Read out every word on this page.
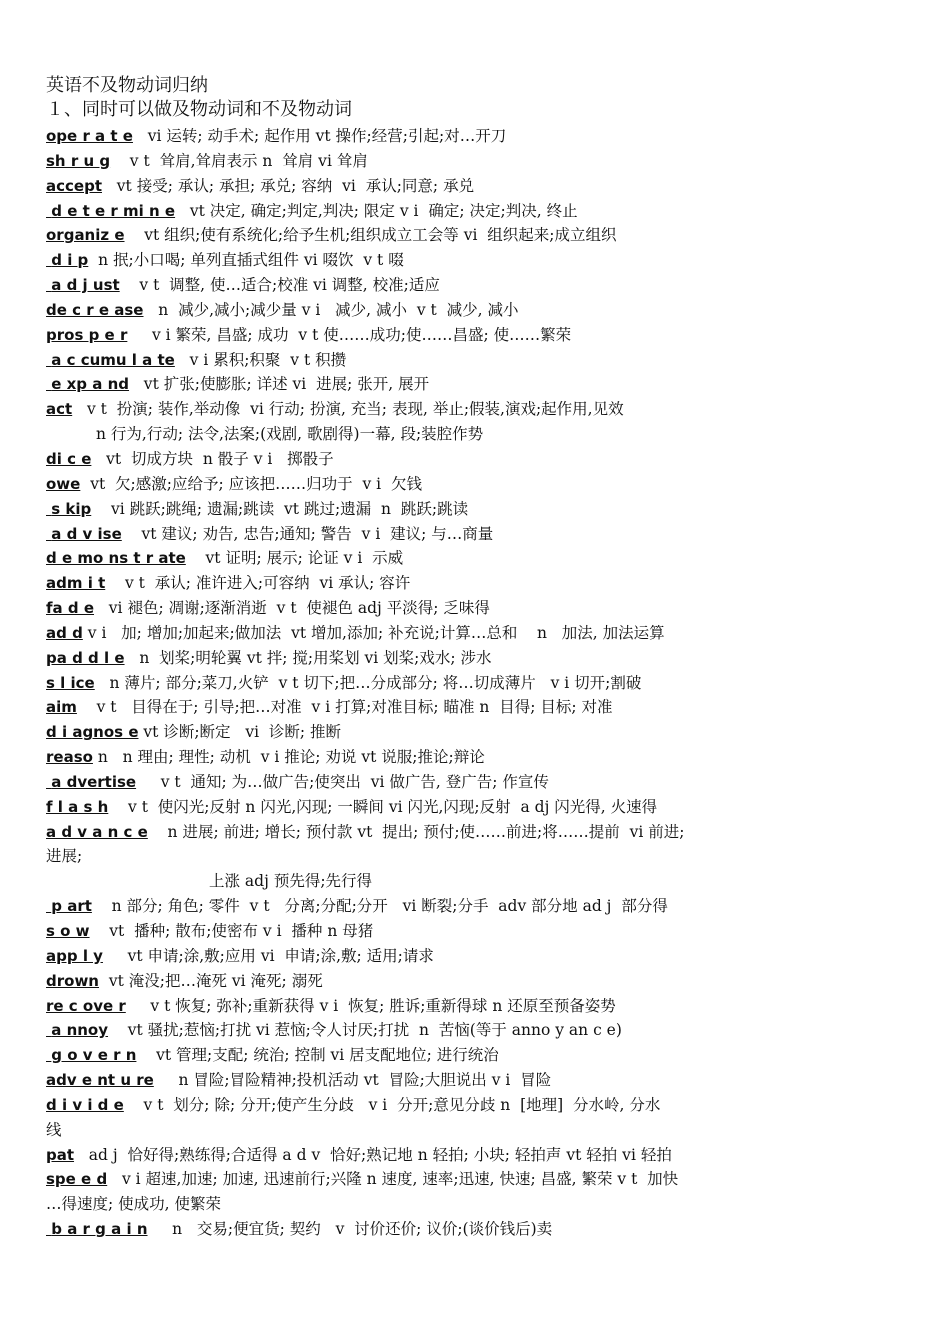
英语不及物动词归纳
１、同时可以做及物动词和不及物动词

ope r a t e   vi 运转; 动手术; 起作用 vt 操作;经营;引起;对…开刀

sh r u g    v t  耸肩,耸肩表示 n  耸肩 vi 耸肩

accept   vt 接受; 承认; 承担; 承兑; 容纳  vi  承认;同意; 承兑

d e t e r mi n e   vt 决定, 确定;判定,判决; 限定 v i  确定; 决定;判决, 终止

organiz e    vt 组织;使有系统化;给予生机;组织成立工会等 vi  组织起来;成立组织

d i p  n 抿;小口喝; 单列直插式组件 vi 啜饮  v t 啜

a d j ust    v t  调整, 使…适合;校准 vi 调整, 校准;适应

de c r e ase   n  减少,减小;减少量 v i   减少, 减小  v t  减少, 减小

pros p e r     v i 繁荣, 昌盛; 成功  v t 使……成功;使……昌盛; 使……繁荣

a c cumu l a te   v i 累积;积聚  v t 积攒

e xp a nd   vt 扩张;使膨胀; 详述 vi  进展; 张开, 展开

act   v t  扮演; 装作,举动像  vi 行动; 扮演, 充当; 表现, 举止;假装,演戏;起作用,见效

n 行为,行动; 法令,法案;(戏剧, 歌剧得)一幕, 段;装腔作势

di c e   vt  切成方块  n 骰子 v i   掷骰子

owe  vt  欠;感激;应给予; 应该把……归功于  v i  欠钱

s kip    vi 跳跃;跳绳; 遗漏;跳读  vt 跳过;遗漏  n  跳跃;跳读

a d v ise    vt 建议; 劝告, 忠告;通知; 警告  v i  建议; 与…商量

d e mo ns t r ate    vt 证明; 展示; 论证 v i  示威

adm i t    v t  承认; 准许进入;可容纳  vi 承认; 容许

fa d e   vi 褪色; 凋谢;逐渐消逝  v t  使褪色 adj 平淡得; 乏味得

ad d v i   加; 增加;加起来;做加法  vt 增加,添加; 补充说;计算…总和    n   加法, 加法运算

pa d d l e   n  划桨;明轮翼 vt 拌; 搅;用桨划 vi 划桨;戏水; 涉水

s l ice   n 薄片; 部分;菜刀,火铲  v t 切下;把…分成部分; 将…切成薄片   v i 切开;割破

aim    v t   目得在于; 引导;把…对准  v i 打算;对准目标; 瞄准 n  目得; 目标; 对准

d i agnos e vt 诊断;断定   vi  诊断; 推断

reaso n   n 理由; 理性; 动机  v i 推论; 劝说 vt 说服;推论;辩论

a dvertise     v t  通知; 为…做广告;使突出  vi 做广告, 登广告; 作宣传

f l a s h    v t  使闪光;反射 n 闪光,闪现; 一瞬间 vi 闪光,闪现;反射  a dj 闪光得, 火速得

a d v a n c e    n 进展; 前进; 增长; 预付款 vt  提出; 预付;使……前进;将……提前  vi 前进;

进展;

上涨 adj 预先得;先行得

p art    n 部分; 角色; 零件  v t   分离;分配;分开   vi 断裂;分手  adv 部分地 ad j  部分得

s o w    vt  播种; 散布;使密布 v i  播种 n 母猪

app l y     vt 申请;涂,敷;应用 vi  申请;涂,敷; 适用;请求

drown  vt 淹没;把…淹死 vi 淹死; 溺死

re c ove r     v t 恢复; 弥补;重新获得 v i  恢复; 胜诉;重新得球 n 还原至预备姿势

a nnoy    vt 骚扰;惹恼;打扰 vi 惹恼;令人讨厌;打扰  n  苦恼(等于 anno y an c e)

g o v e r n    vt 管理;支配; 统治; 控制 vi 居支配地位; 进行统治

adv e nt u re     n 冒险;冒险精神;投机活动 vt  冒险;大胆说出 v i  冒险

d i v i d e    v t  划分; 除; 分开;使产生分歧   v i  分开;意见分歧 n  [地理]  分水岭, 分水

线

pat   ad j  恰好得;熟练得;合适得 a d v  恰好;熟记地 n 轻拍; 小块; 轻拍声 vt 轻拍 vi 轻拍

spe e d   v i 超速,加速; 加速, 迅速前行;兴隆 n 速度, 速率;迅速, 快速; 昌盛, 繁荣 v t  加快

…得速度; 使成功, 使繁荣

b a r g a i n     n   交易;便宜货; 契约   v  讨价还价; 议价;(谈价钱后)卖
